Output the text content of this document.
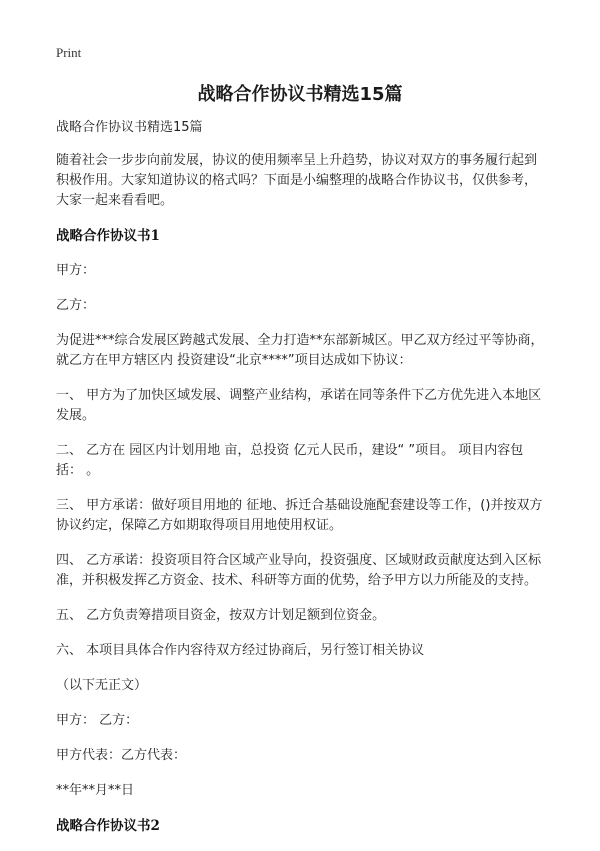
Print
战略合作协议书精选15篇

战略合作协议书精选15篇

随着社会一步步向前发展，协议的使用频率呈上升趋势，协议对双方的事务履行起到积极作用。大家知道协议的格式吗？下面是小编整理的战略合作协议书，仅供参考，大家一起来看看吧。

战略合作协议书1

甲方：

乙方：

为促进***综合发展区跨越式发展、全力打造**东部新城区。甲乙双方经过平等协商，就乙方在甲方辖区内 投资建设“北京****”项目达成如下协议：

一、 甲方为了加快区域发展、调整产业结构，承诺在同等条件下乙方优先进入本地区发展。

二、 乙方在 园区内计划用地 亩，总投资 亿元人民币，建设“ ”项目。 项目内容包括： 。

三、 甲方承诺：做好项目用地的 征地、拆迁合基础设施配套建设等工作，()并按双方协议约定，保障乙方如期取得项目用地使用权证。

四、 乙方承诺：投资项目符合区域产业导向，投资强度、区域财政贡献度达到入区标准，并积极发挥乙方资金、技术、科研等方面的优势，给予甲方以力所能及的支持。

五、 乙方负责筹措项目资金，按双方计划足额到位资金。

六、 本项目具体合作内容待双方经过协商后，另行签订相关协议

（以下无正文）

甲方： 乙方：

甲方代表：乙方代表：

**年**月**日

战略合作协议书2
